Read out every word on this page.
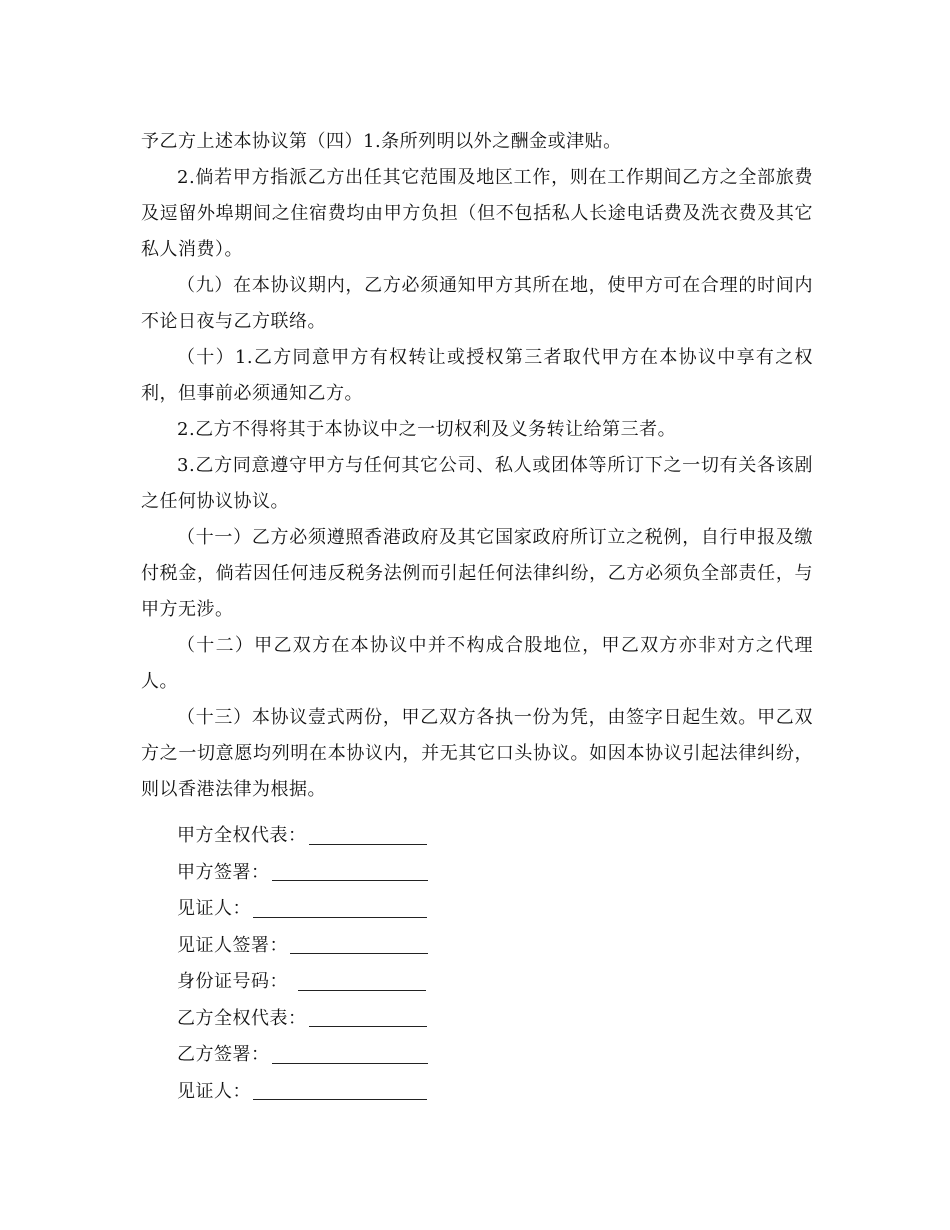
予乙方上述本协议第（四）1.条所列明以外之酬金或津贴。

2.倘若甲方指派乙方出任其它范围及地区工作，则在工作期间乙方之全部旅费及逗留外埠期间之住宿费均由甲方负担（但不包括私人长途电话费及洗衣费及其它私人消费）。

（九）在本协议期内，乙方必须通知甲方其所在地，使甲方可在合理的时间内不论日夜与乙方联络。

（十）1.乙方同意甲方有权转让或授权第三者取代甲方在本协议中享有之权利，但事前必须通知乙方。

2.乙方不得将其于本协议中之一切权利及义务转让给第三者。

3.乙方同意遵守甲方与任何其它公司、私人或团体等所订下之一切有关各该剧之任何协议协议。

（十一）乙方必须遵照香港政府及其它国家政府所订立之税例，自行申报及缴付税金，倘若因任何违反税务法例而引起任何法律纠纷，乙方必须负全部责任，与甲方无涉。

（十二）甲乙双方在本协议中并不构成合股地位，甲乙双方亦非对方之代理人。

（十三）本协议壹式两份，甲乙双方各执一份为凭，由签字日起生效。甲乙双方之一切意愿均列明在本协议内，并无其它口头协议。如因本协议引起法律纠纷，则以香港法律为根据。

甲方全权代表：
甲方签署：
见证人：
见证人签署：
身份证号码：
乙方全权代表：
乙方签署：
见证人：
